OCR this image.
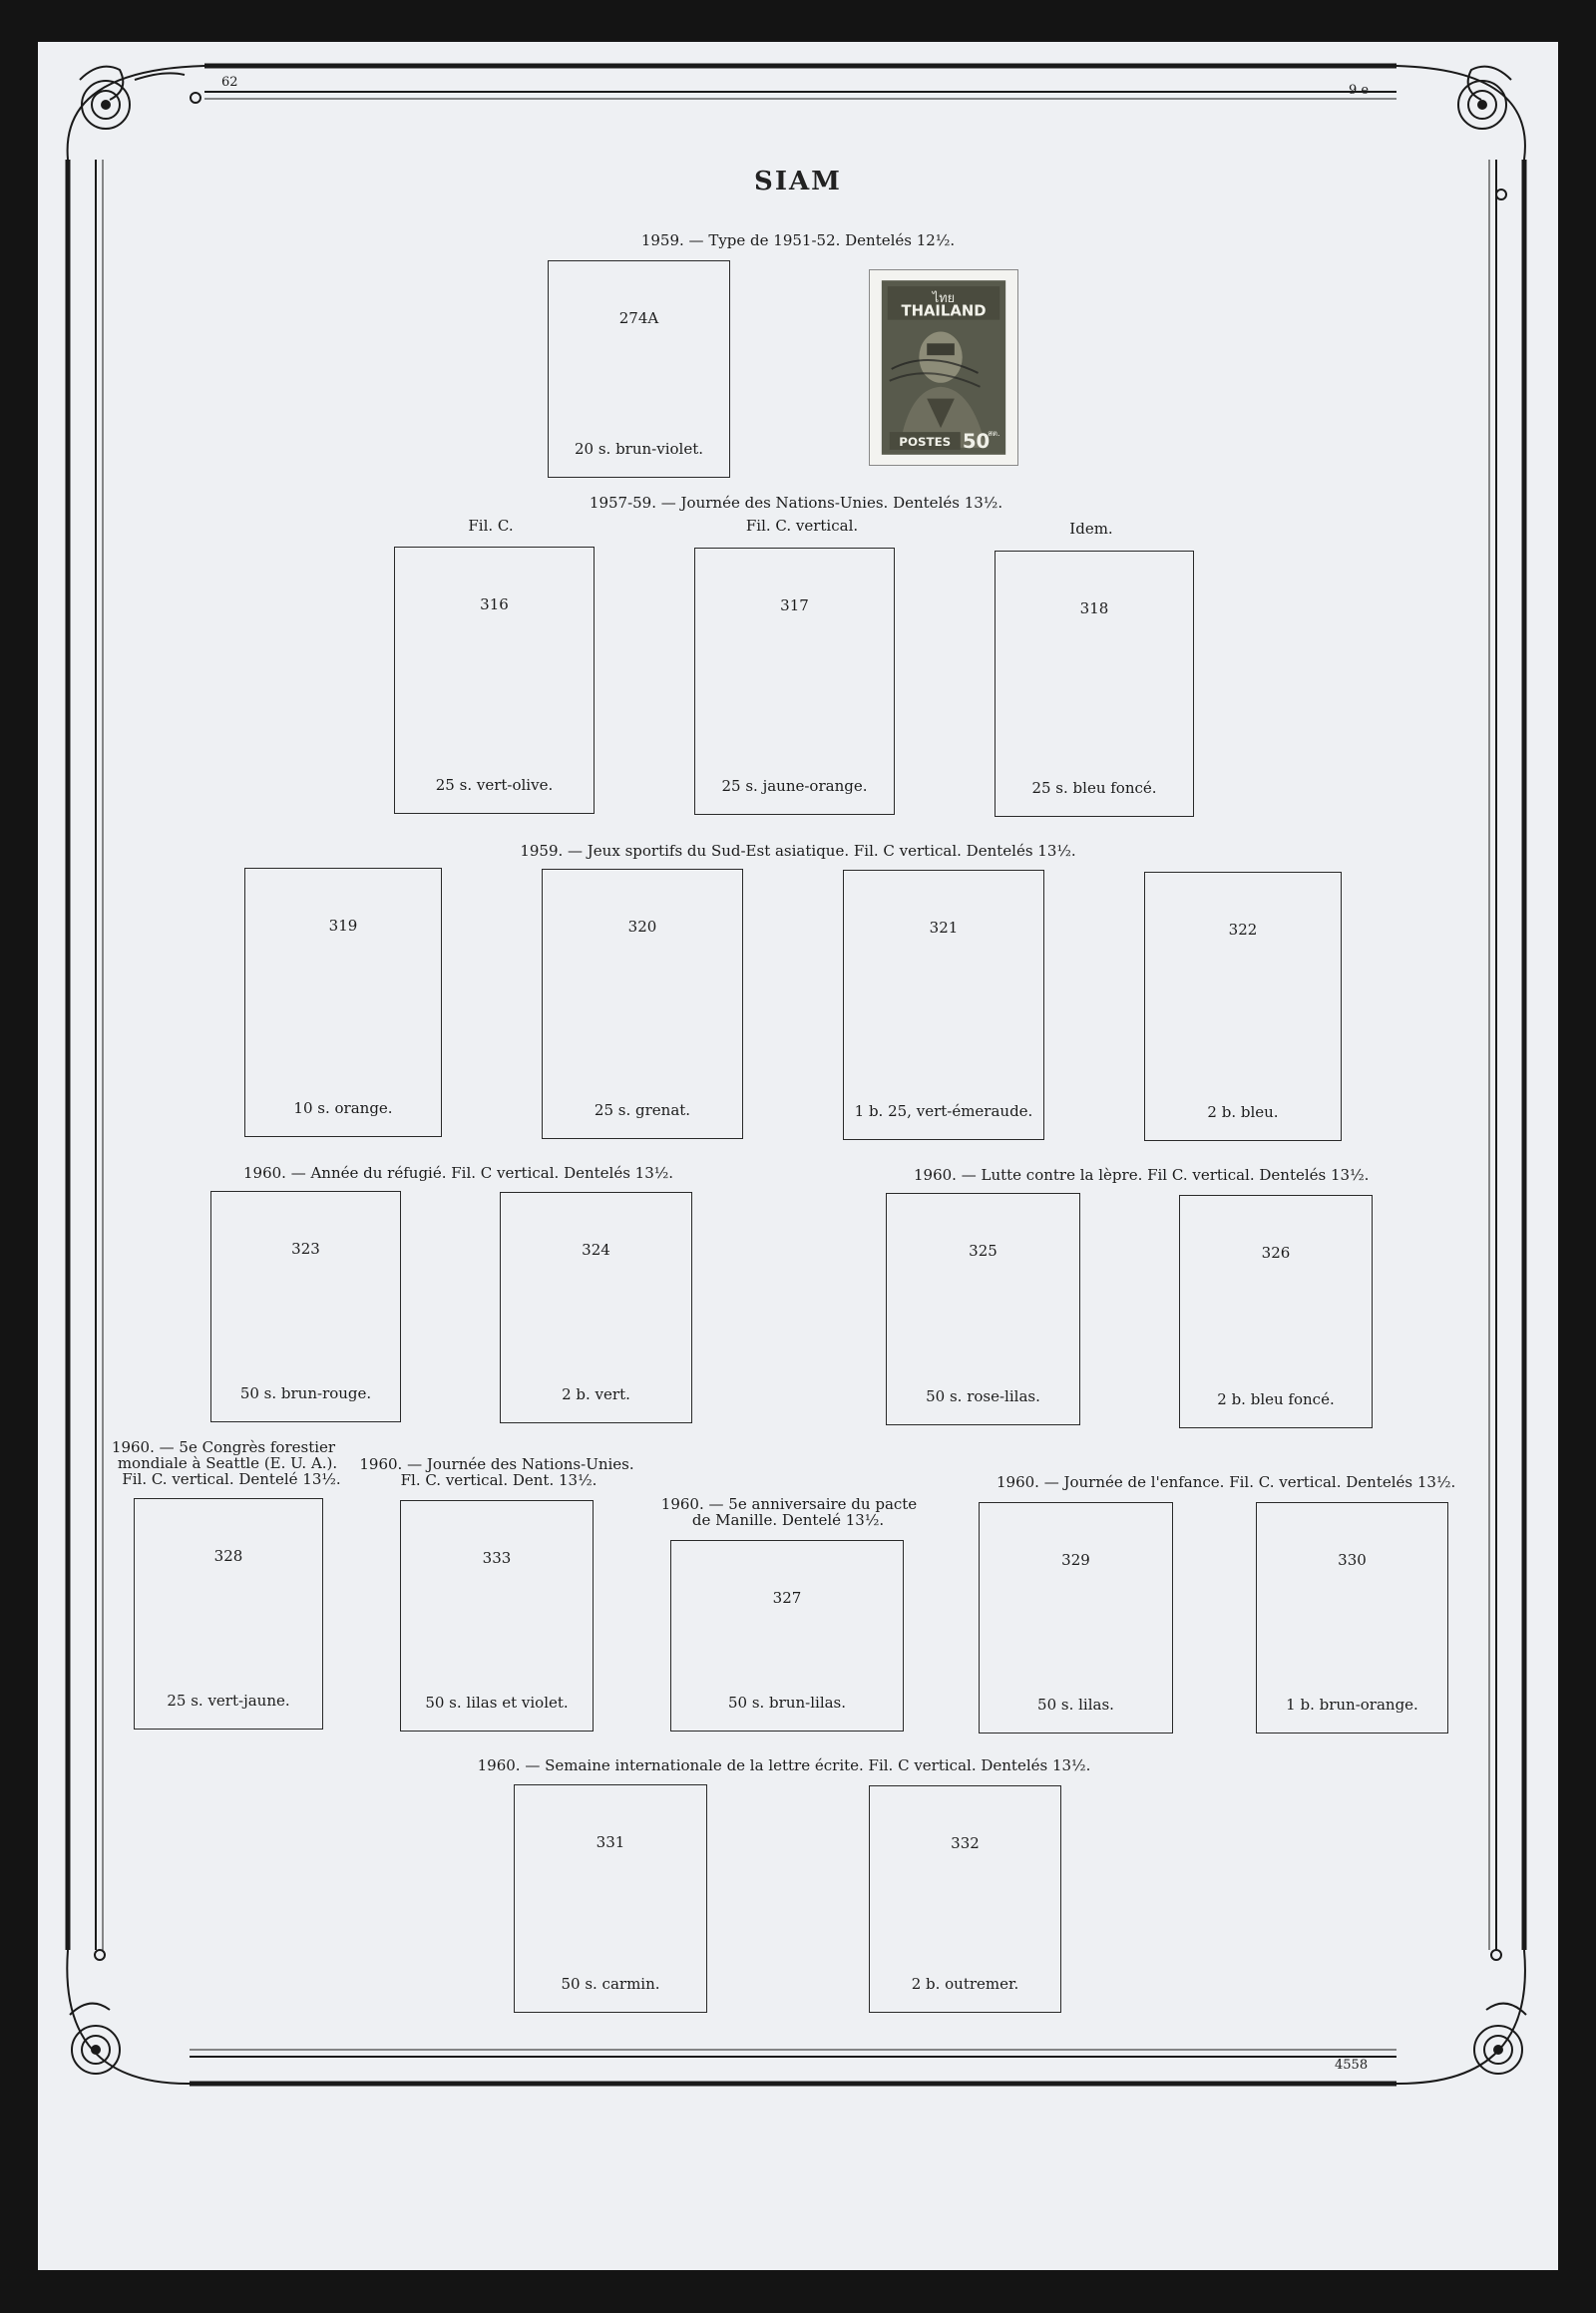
62
9 e
4558
SIAM
1959. — Type de 1951-52. Dentelés 12½.
274A
20 s. brun-violet.
ไทย
THAILAND
POSTES 50
สต.
1957-59. — Journée des Nations-Unies. Dentelés 13½.
Fil. C.	Fil. C. vertical.	Idem.
316
25 s. vert-olive.
317
25 s. jaune-orange.
318
25 s. bleu foncé.
1959. — Jeux sportifs du Sud-Est asiatique. Fil. C vertical. Dentelés 13½.
319
10 s. orange.
320
25 s. grenat.
321
1 b. 25, vert-émeraude.
322
2 b. bleu.
1960. — Année du réfugié. Fil. C vertical. Dentelés 13½.	1960. — Lutte contre la lèpre. Fil C. vertical. Dentelés 13½.
323
50 s. brun-rouge.
324
2 b. vert.
325
50 s. rose-lilas.
326
2 b. bleu foncé.
1960. — 5e Congrès forestier
mondiale à Seattle (E. U. A.).
Fil. C. vertical. Dentelé 13½.
1960. — Journée des Nations-Unies.
Fl. C. vertical. Dent. 13½.
1960. — 5e anniversaire du pacte
de Manille. Dentelé 13½.
1960. — Journée de l'enfance. Fil. C. vertical. Dentelés 13½.
328
25 s. vert-jaune.
333
50 s. lilas et violet.
327
50 s. brun-lilas.
329
50 s. lilas.
330
1 b. brun-orange.
1960. — Semaine internationale de la lettre écrite. Fil. C vertical. Dentelés 13½.
331
50 s. carmin.
332
2 b. outremer.
